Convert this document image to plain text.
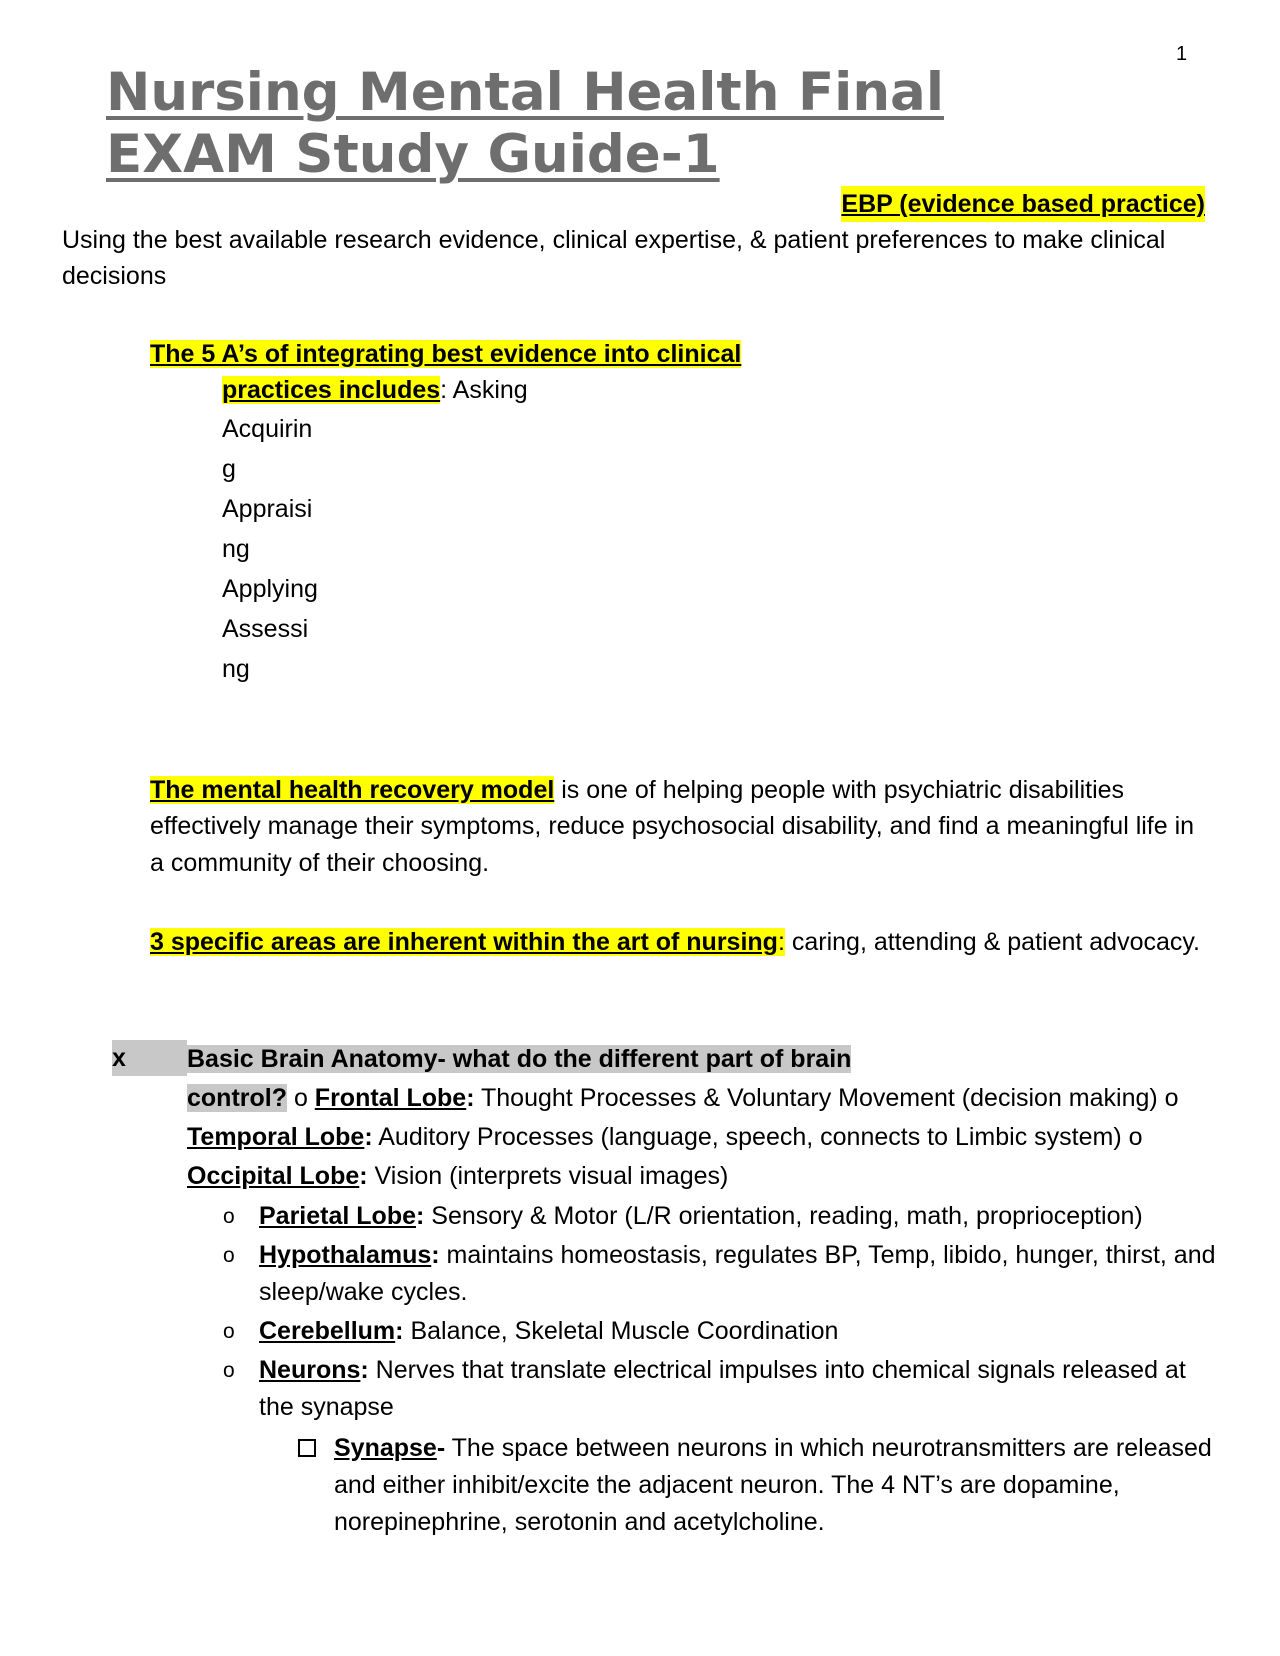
1
Nursing Mental Health Final EXAM Study Guide-1
EBP (evidence based practice)
Using the best available research evidence, clinical expertise, & patient preferences to make clinical decisions
The 5 A’s of integrating best evidence into clinical
practices includes: Asking
Acquiring
Appraising
Applying
Assessing
The mental health recovery model is one of helping people with psychiatric disabilities effectively manage their symptoms, reduce psychosocial disability, and find a meaningful life in a community of their choosing.
3 specific areas are inherent within the art of nursing: caring, attending & patient advocacy.
x	Basic Brain Anatomy- what do the different part of brain
control? o Frontal Lobe: Thought Processes & Voluntary Movement (decision making) o Temporal Lobe: Auditory Processes (language, speech, connects to Limbic system) o Occipital Lobe: Vision (interprets visual images)
o Parietal Lobe: Sensory & Motor (L/R orientation, reading, math, proprioception)
o Hypothalamus: maintains homeostasis, regulates BP, Temp, libido, hunger, thirst, and sleep/wake cycles.
o Cerebellum: Balance, Skeletal Muscle Coordination
o Neurons: Nerves that translate electrical impulses into chemical signals released at the synapse
Synapse- The space between neurons in which neurotransmitters are released and either inhibit/excite the adjacent neuron. The 4 NT’s are dopamine, norepinephrine, serotonin and acetylcholine.
